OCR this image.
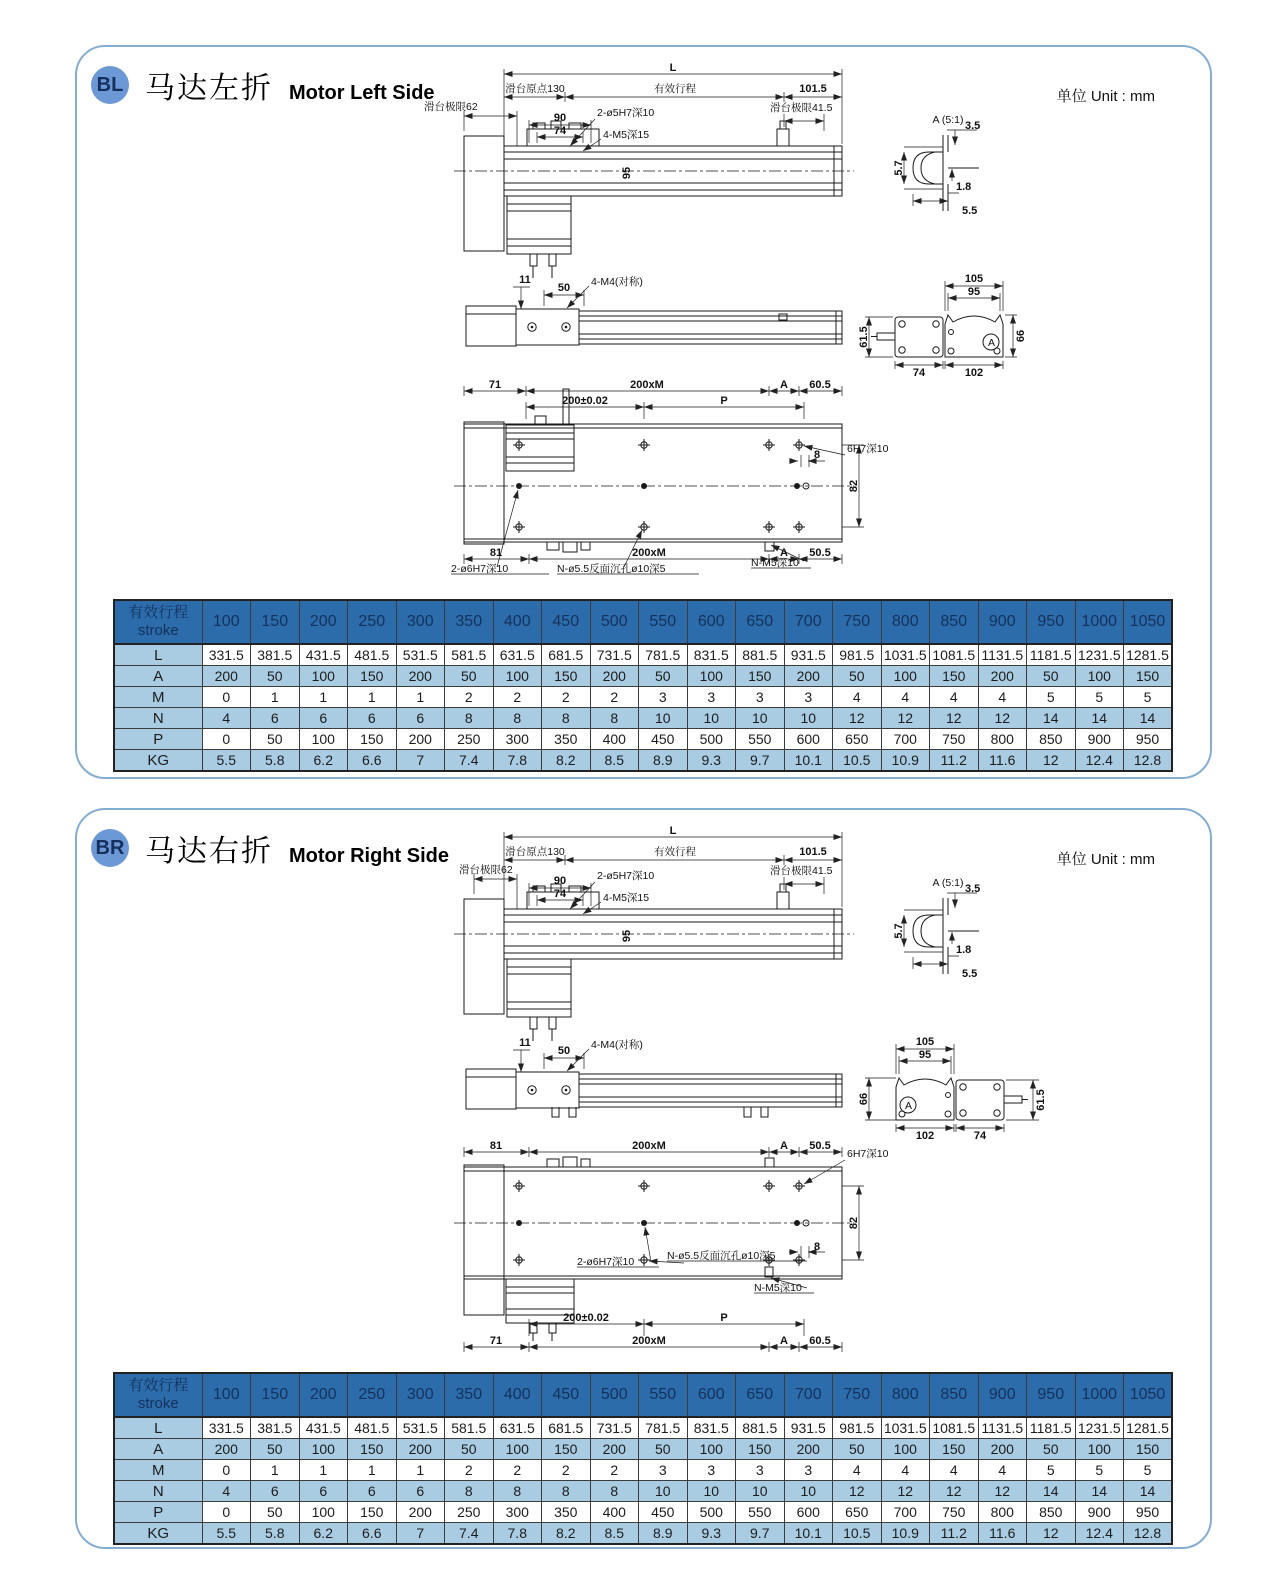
BL 马达左折 Motor Left Side	单位 Unit : mm
L
滑台原点130	有效行程	101.5
滑台极限62
90
74
2-ø5H7深10
4-M5深15
滑台极限41.5
95
A (5:1) 3.5
5.7
1.8
5.5
11
50 4-M4(对称)	105
95
61.5	66
74	102
A
71	200xM	A 60.5
200±0.02	P
8	6H7深10
82
81	200xM	A 50.5
2-ø6H7深10	N-ø5.5反面沉孔ø10深5	N-M5深10
有效行程
stroke	100	150	200	250	300	350	400	450	500	550	600	650	700	750	800	850	900	950	1000	1050
L	331.5	381.5	431.5	481.5	531.5	581.5	631.5	681.5	731.5	781.5	831.5	881.5	931.5	981.5	1031.5	1081.5	1131.5	1181.5	1231.5	1281.5
A	200	50	100	150	200	50	100	150	200	50	100	150	200	50	100	150	200	50	100	150
M	0	1	1	1	1	2	2	2	2	3	3	3	3	4	4	4	4	5	5	5
N	4	6	6	6	6	8	8	8	8	10	10	10	10	12	12	12	12	14	14	14
P	0	50	100	150	200	250	300	350	400	450	500	550	600	650	700	750	800	850	900	950
KG	5.5	5.8	6.2	6.6	7	7.4	7.8	8.2	8.5	8.9	9.3	9.7	10.1	10.5	10.9	11.2	11.6	12	12.4	12.8
BR 马达右折 Motor Right Side	单位 Unit : mm
L
滑台原点130	有效行程	101.5
滑台极限62
90
74
2-ø5H7深10
4-M5深15
滑台极限41.5
95
A (5:1) 3.5
5.7
1.8
5.5
11
50 4-M4(对称)	105
95
66	61.5
102	74
A
81	200xM	A 50.5
6H7深10
82
8
2-ø6H7深10	N-ø5.5反面沉孔ø10深5
N-M5深10
200±0.02	P
71	200xM	A 60.5
有效行程
stroke	100	150	200	250	300	350	400	450	500	550	600	650	700	750	800	850	900	950	1000	1050
L	331.5	381.5	431.5	481.5	531.5	581.5	631.5	681.5	731.5	781.5	831.5	881.5	931.5	981.5	1031.5	1081.5	1131.5	1181.5	1231.5	1281.5
A	200	50	100	150	200	50	100	150	200	50	100	150	200	50	100	150	200	50	100	150
M	0	1	1	1	1	2	2	2	2	3	3	3	3	4	4	4	4	5	5	5
N	4	6	6	6	6	8	8	8	8	10	10	10	10	12	12	12	12	14	14	14
P	0	50	100	150	200	250	300	350	400	450	500	550	600	650	700	750	800	850	900	950
KG	5.5	5.8	6.2	6.6	7	7.4	7.8	8.2	8.5	8.9	9.3	9.7	10.1	10.5	10.9	11.2	11.6	12	12.4	12.8
